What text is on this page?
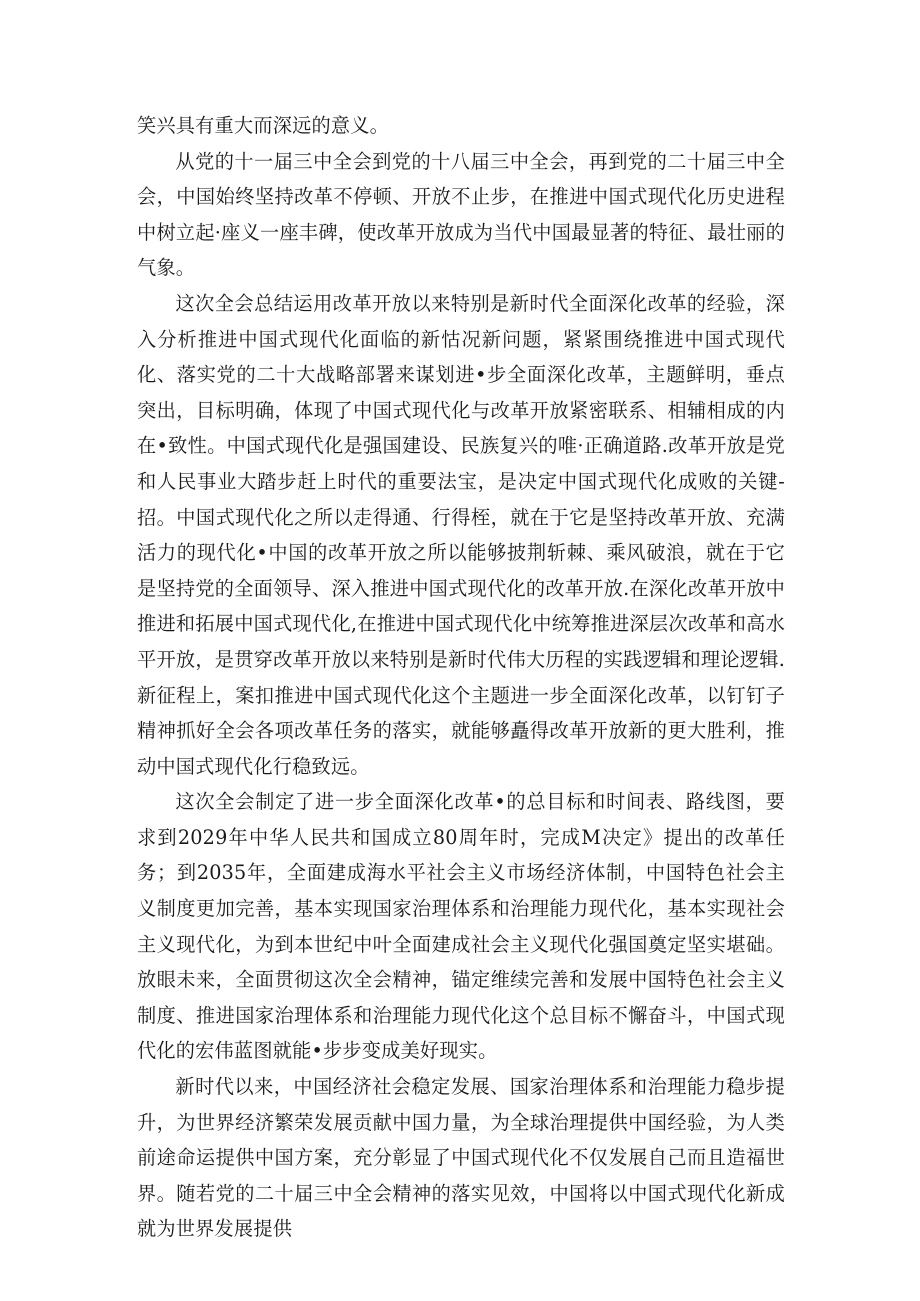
笑兴具有重大而深远的意义。

从党的十一届三中全会到党的十八届三中全会，再到党的二十届三中全会，中国始终坚持改革不停顿、开放不止步，在推进中国式现代化历史进程中树立起·座义一座丰碑，使改革开放成为当代中国最显著的特征、最壮丽的气象。

这次全会总结运用改革开放以来特别是新时代全面深化改革的经验，深入分析推进中国式现代化面临的新怙况新问题，紧紧围绕推进中国式现代化、落实党的二十大战略部署来谋划进•步全面深化改革，主题鲜明，垂点突出，目标明确，体现了中国式现代化与改革开放紧密联系、相辅相成的内在•致性。中国式现代化是强国建设、民族复兴的唯·正确道路.改革开放是党和人民事业大踏步赶上时代的重要法宝，是决定中国式现代化成败的关键-招。中国式现代化之所以走得通、行得桎，就在于它是坚持改革开放、充满活力的现代化•中国的改革开放之所以能够披荆斩棘、乘风破浪，就在于它是坚持党的全面领导、深入推进中国式现代化的改革开放.在深化改革开放中推进和拓展中国式现代化,在推进中国式现代化中统筹推进深层次改革和高水平开放，是贯穿改革开放以来特别是新时代伟大历程的实践逻辑和理论逻辑.新征程上，案扣推进中国式现代化这个主题进一步全面深化改革，以钉钉子精神抓好全会各项改革任务的落实，就能够矗得改革开放新的更大胜利，推动中国式现代化行稳致远。

这次全会制定了进一步全面深化改革•的总目标和时间表、路线图，要求到2029年中华人民共和国成立80周年时，完成M决定》提出的改革任务；到2035年，全面建成海水平社会主义市场经济体制，中国特色社会主义制度更加完善，基本实现国家治理体系和治理能力现代化，基本实现社会主义现代化，为到本世纪中叶全面建成社会主义现代化强国奠定坚实堪础。放眼未来，全面贯彻这次全会精神，锚定维续完善和发展中国特色社会主义制度、推进国家治理体系和治理能力现代化这个总目标不懈奋斗，中国式现代化的宏伟蓝图就能•步步变成美好现实。

新时代以来，中国经济社会稳定发展、国家治理体系和治理能力稳步提升，为世界经济繁荣发展贡献中国力量，为全球治理提供中国经验，为人类前途命运提供中国方案，充分彰显了中国式现代化不仅发展自己而且造福世界。随若党的二十届三中全会精神的落实见效，中国将以中国式现代化新成就为世界发展提供
